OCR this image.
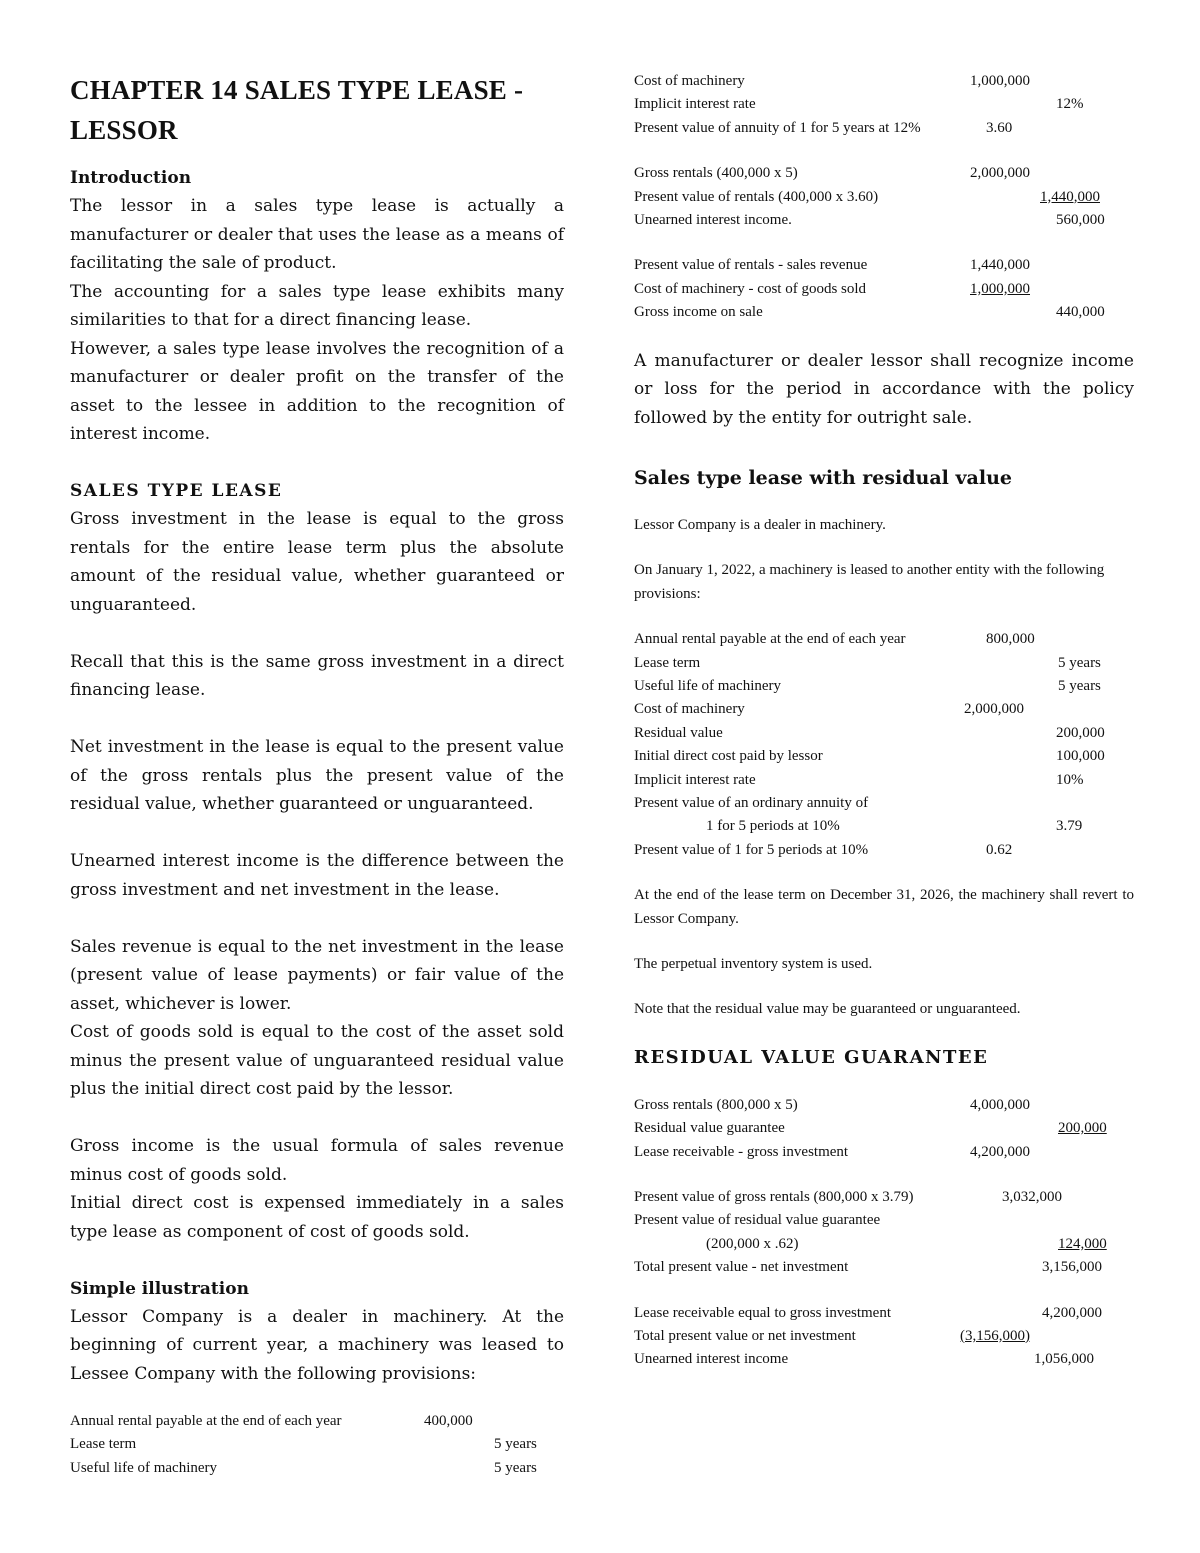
CHAPTER 14 SALES TYPE LEASE - LESSOR

Introduction

The lessor in a sales type lease is actually a manufacturer or dealer that uses the lease as a means of facilitating the sale of product.

The accounting for a sales type lease exhibits many similarities to that for a direct financing lease.

However, a sales type lease involves the recognition of a manufacturer or dealer profit on the transfer of the asset to the lessee in addition to the recognition of interest income.

SALES TYPE LEASE

Gross investment in the lease is equal to the gross rentals for the entire lease term plus the absolute amount of the residual value, whether guaranteed or unguaranteed.

Recall that this is the same gross investment in a direct financing lease.

Net investment in the lease is equal to the present value of the gross rentals plus the present value of the residual value, whether guaranteed or unguaranteed.

Unearned interest income is the difference between the gross investment and net investment in the lease.

Sales revenue is equal to the net investment in the lease (present value of lease payments) or fair value of the asset, whichever is lower.

Cost of goods sold is equal to the cost of the asset sold minus the present value of unguaranteed residual value plus the initial direct cost paid by the lessor.

Gross income is the usual formula of sales revenue minus cost of goods sold.

Initial direct cost is expensed immediately in a sales type lease as component of cost of goods sold.

Simple illustration

Lessor Company is a dealer in machinery. At the beginning of current year, a machinery was leased to Lessee Company with the following provisions:

Annual rental payable at the end of each year	400,000
Lease term	5 years
Useful life of machinery	5 years
Cost of machinery	1,000,000
Implicit interest rate	12%
Present value of annuity of 1 for 5 years at 12%	3.60
Gross rentals (400,000 x 5)	2,000,000
Present value of rentals (400,000 x 3.60)	1,440,000
Unearned interest income.	560,000
Present value of rentals - sales revenue	1,440,000
Cost of machinery - cost of goods sold	1,000,000
Gross income on sale	440,000

A manufacturer or dealer lessor shall recognize income or loss for the period in accordance with the policy followed by the entity for outright sale.

Sales type lease with residual value

Lessor Company is a dealer in machinery.

On January 1, 2022, a machinery is leased to another entity with the following provisions:

Annual rental payable at the end of each year	800,000
Lease term	5 years
Useful life of machinery	5 years
Cost of machinery	2,000,000
Residual value	200,000
Initial direct cost paid by lessor	100,000
Implicit interest rate	10%
Present value of an ordinary annuity of
1 for 5 periods at 10%	3.79
Present value of 1 for 5 periods at 10%	0.62

At the end of the lease term on December 31, 2026, the machinery shall revert to Lessor Company.

The perpetual inventory system is used.

Note that the residual value may be guaranteed or unguaranteed.

RESIDUAL VALUE GUARANTEE

Gross rentals (800,000 x 5)	4,000,000
Residual value guarantee	200,000
Lease receivable - gross investment	4,200,000
Present value of gross rentals (800,000 x 3.79)	3,032,000
Present value of residual value guarantee
(200,000 x .62)	124,000
Total present value - net investment	3,156,000
Lease receivable equal to gross investment	4,200,000
Total present value or net investment	(3,156,000)
Unearned interest income	1,056,000
